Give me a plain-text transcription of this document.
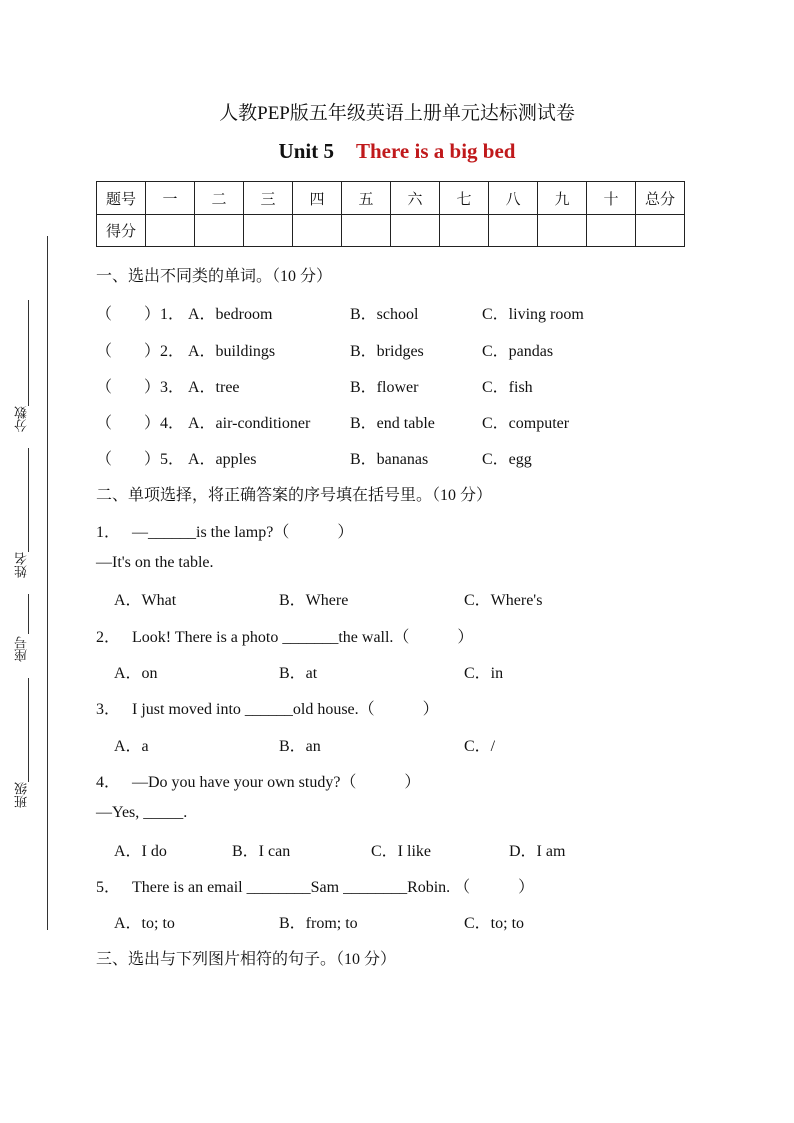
人教PEP版五年级英语上册单元达标测试卷
Unit 5 There is a big bed
题号	一	二	三	四	五	六	七	八	九	十	总分
得分											
分数
姓名
座号
班级
一、选出不同类的单词。（10 分）
（　　） 1． A．bedroom	B．school	C．living room
（　　） 2． A．buildings	B．bridges	C．pandas
（　　） 3． A．tree	B．flower	C．fish
（　　） 4． A．air-conditioner B．end table	C．computer
（　　） 5． A．apples	B．bananas	C．egg
二、单项选择，将正确答案的序号填在括号里。（10 分）
1． —______is the lamp?（　　　）
—It's on the table.
A．What	B．Where	C．Where's
2． Look! There is a photo _______the wall.（　　　）
A．on	B．at	C．in
3． I just moved into ______old house.（　　　）
A．a	B．an	C．/
4． —Do you have your own study?（　　　）
—Yes, _____.
A．I do	B．I can	C．I like	D．I am
5． There is an email ________Sam ________Robin. （　　　）
A．to; to	B．from; to	C．to; to
三、选出与下列图片相符的句子。（10 分）
